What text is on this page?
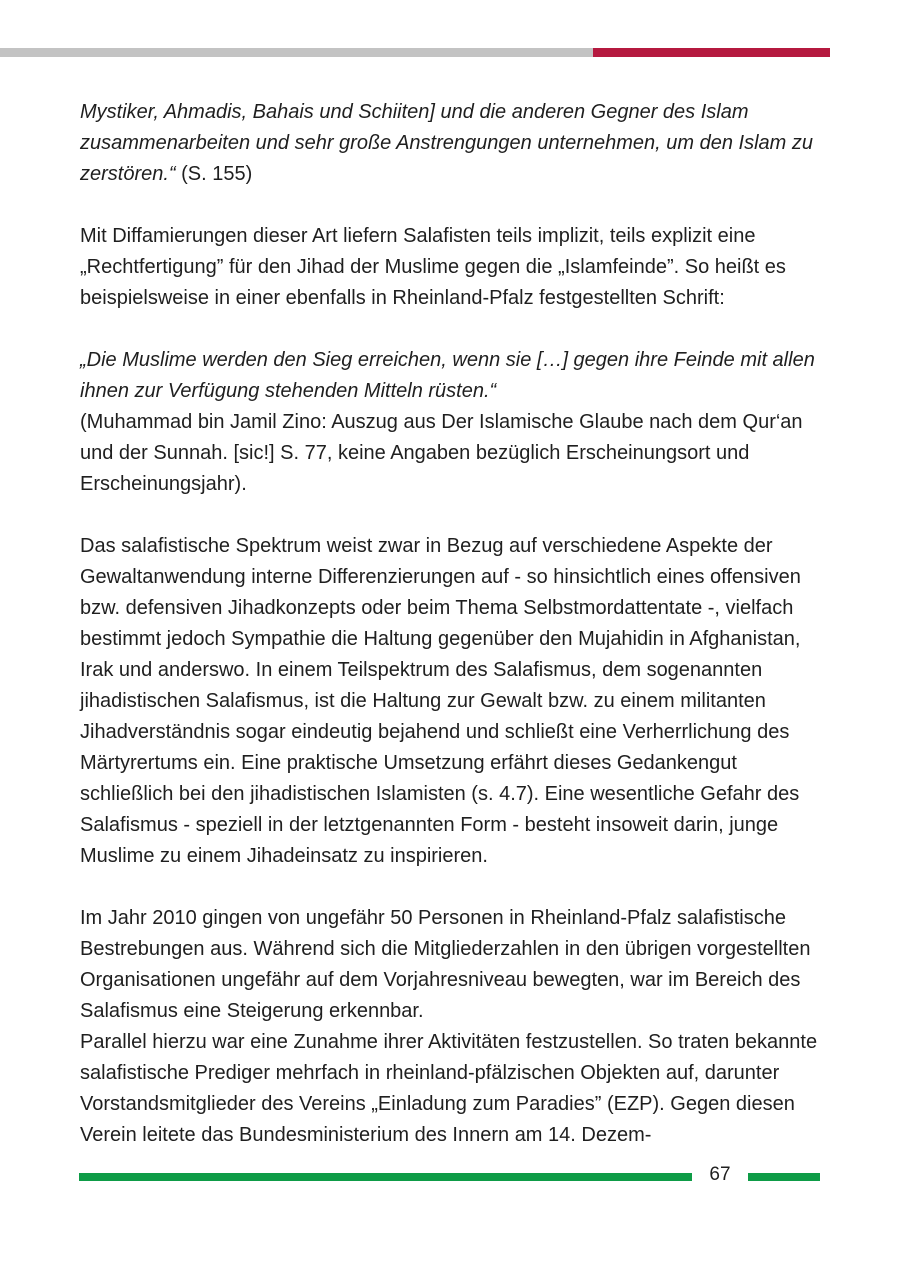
Mystiker, Ahmadis, Bahais und Schiiten] und die anderen Gegner des Islam zusammenarbeiten und sehr große Anstrengungen unternehmen, um den Islam zu zerstören.“ (S. 155)

Mit Diffamierungen dieser Art liefern Salafisten teils implizit, teils explizit eine „Rechtfertigung” für den Jihad der Muslime gegen die „Islamfeinde”. So heißt es beispielsweise in einer ebenfalls in Rheinland-Pfalz festgestellten Schrift:

„Die Muslime werden den Sieg erreichen, wenn sie […] gegen ihre Feinde mit allen ihnen zur Verfügung stehenden Mitteln rüsten.“

(Muhammad bin Jamil Zino: Auszug aus Der Islamische Glaube nach dem Qur‘an und der Sunnah. [sic!] S. 77, keine Angaben bezüglich Erscheinungsort und Erscheinungsjahr).

Das salafistische Spektrum weist zwar in Bezug auf verschiedene Aspekte der Gewaltanwendung interne Differenzierungen auf - so hinsichtlich eines offensiven bzw. defensiven Jihadkonzepts oder beim Thema Selbstmordattentate -, vielfach bestimmt jedoch Sympathie die Haltung gegenüber den Mujahidin in Afghanistan, Irak und anderswo. In einem Teilspektrum des Salafismus, dem sogenannten jihadistischen Salafismus, ist die Haltung zur Gewalt bzw. zu einem militanten Jihadverständnis sogar eindeutig bejahend und schließt eine Verherrlichung des Märtyrertums ein. Eine praktische Umsetzung erfährt dieses Gedankengut schließlich bei den jihadistischen Islamisten (s. 4.7). Eine wesentliche Gefahr des Salafismus - speziell in der letztgenannten Form - besteht insoweit darin, junge Muslime zu einem Jihadeinsatz zu inspirieren.

Im Jahr 2010 gingen von ungefähr 50 Personen in Rheinland-Pfalz salafistische Bestrebungen aus. Während sich die Mitgliederzahlen in den übrigen vorgestellten Organisationen ungefähr auf dem Vorjahresniveau bewegten, war im Bereich des Salafismus eine Steigerung erkennbar.

Parallel hierzu war eine Zunahme ihrer Aktivitäten festzustellen. So traten bekannte salafistische Prediger mehrfach in rheinland-pfälzischen Objekten auf, darunter Vorstandsmitglieder des Vereins „Einladung zum Paradies” (EZP). Gegen diesen Verein leitete das Bundesministerium des Innern am 14. Dezem-

67
